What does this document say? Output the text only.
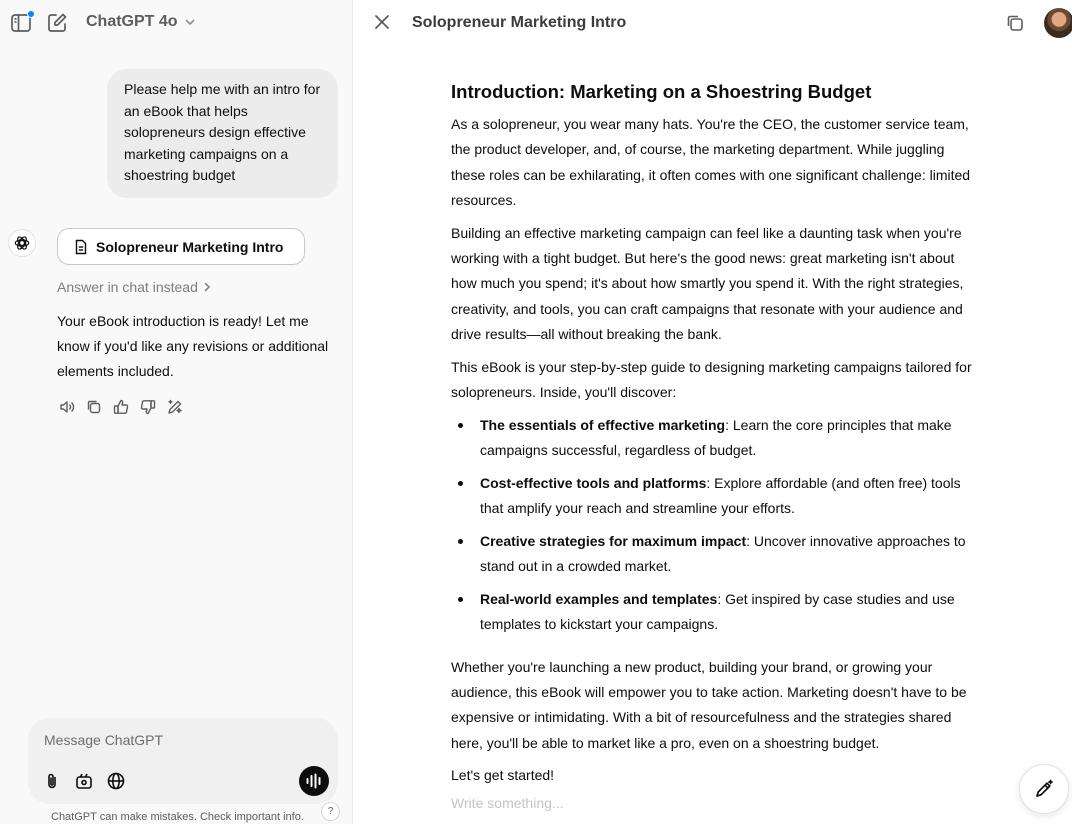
ChatGPT 4o
Please help me with an intro for an eBook that helps solopreneurs design effective marketing campaigns on a shoestring budget
Solopreneur Marketing Intro
Answer in chat instead
Your eBook introduction is ready! Let me know if you'd like any revisions or additional elements included.
Message ChatGPT
ChatGPT can make mistakes. Check important info.	?
Solopreneur Marketing Intro
Introduction: Marketing on a Shoestring Budget

As a solopreneur, you wear many hats. You're the CEO, the customer service team, the product developer, and, of course, the marketing department. While juggling these roles can be exhilarating, it often comes with one significant challenge: limited resources.

Building an effective marketing campaign can feel like a daunting task when you're working with a tight budget. But here's the good news: great marketing isn't about how much you spend; it's about how smartly you spend it. With the right strategies, creativity, and tools, you can craft campaigns that resonate with your audience and drive results—all without breaking the bank.

This eBook is your step-by-step guide to designing marketing campaigns tailored for solopreneurs. Inside, you'll discover:

The essentials of effective marketing: Learn the core principles that make campaigns successful, regardless of budget.
Cost-effective tools and platforms: Explore affordable (and often free) tools that amplify your reach and streamline your efforts.
Creative strategies for maximum impact: Uncover innovative approaches to stand out in a crowded market.
Real-world examples and templates: Get inspired by case studies and use templates to kickstart your campaigns.

Whether you're launching a new product, building your brand, or growing your audience, this eBook will empower you to take action. Marketing doesn't have to be expensive or intimidating. With a bit of resourcefulness and the strategies shared here, you'll be able to market like a pro, even on a shoestring budget.

Let's get started!

Write something...
